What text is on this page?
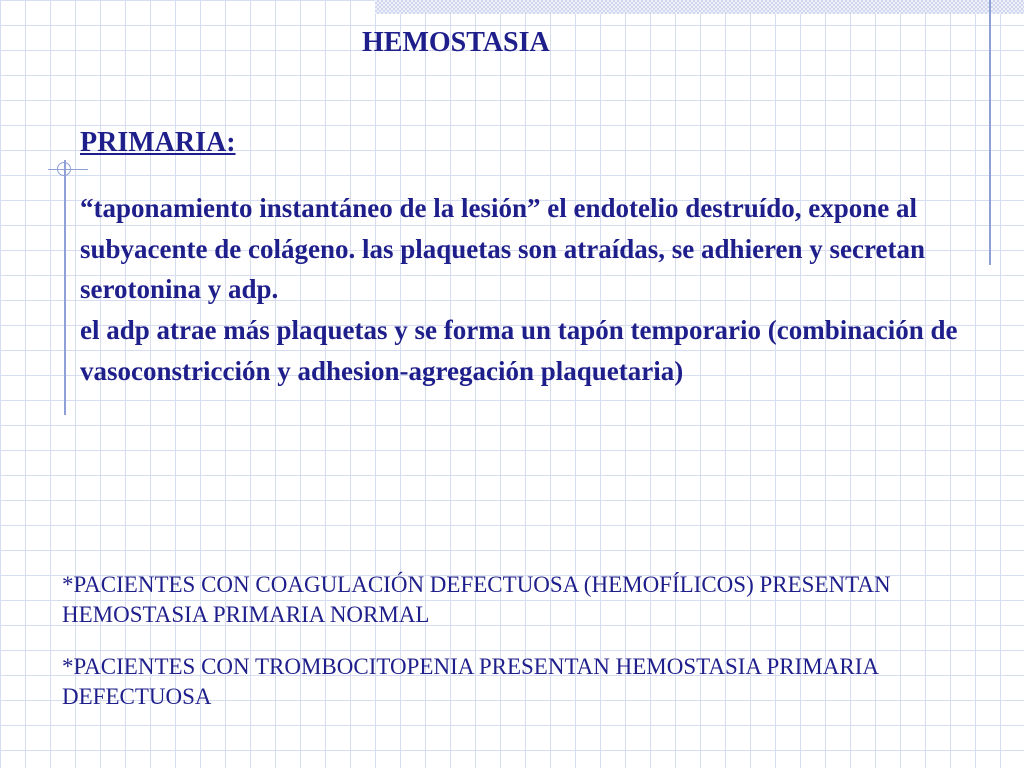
HEMOSTASIA
PRIMARIA:

“taponamiento instantáneo de la lesión” el endotelio destruído, expone al subyacente de colágeno. las plaquetas son atraídas, se adhieren y secretan serotonina y adp.

el adp atrae más plaquetas y se forma un tapón temporario (combinación de vasoconstricción y adhesion-agregación plaquetaria)

*PACIENTES CON COAGULACIÓN DEFECTUOSA (HEMOFÍLICOS) PRESENTAN HEMOSTASIA PRIMARIA NORMAL

*PACIENTES CON TROMBOCITOPENIA PRESENTAN HEMOSTASIA PRIMARIA DEFECTUOSA
